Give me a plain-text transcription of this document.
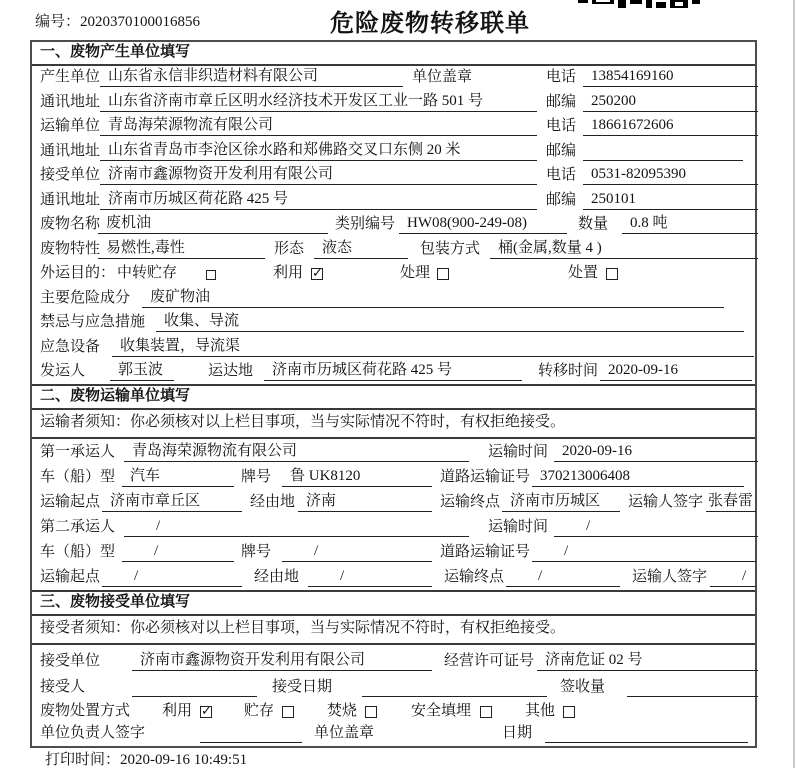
编号：2020370100016856	危险废物转移联单
一、废物产生单位填写
产生单位 山东省永信非织造材料有限公司	单位盖章	电话 13854169160
通讯地址 山东省济南市章丘区明水经济技术开发区工业一路 501 号	邮编 250200
运输单位 青岛海荣源物流有限公司	电话 18661672606
通讯地址 山东省青岛市李沧区徐水路和郑佛路交叉口东侧 20 米	邮编
接受单位 济南市鑫源物资开发利用有限公司	电话 0531-82095390
通讯地址 济南市历城区荷花路 425 号	邮编 250101
废物名称 废机油	类别编号 HW08(900-249-08)	数量	0.8 吨
废物特性 易燃性,毒性	形态	液态	包装方式	桶(金属,数量 4 )
外运目的： 中转贮存	利用 ✓	处理	处置
主要危险成分	废矿物油
禁忌与应急措施	收集、导流
应急设备	收集装置，导流渠
发运人	郭玉波	运达地	济南市历城区荷花路 425 号	转移时间 2020-09-16
二、废物运输单位填写
运输者须知：你必须核对以上栏目事项，当与实际情况不符时，有权拒绝接受。
第一承运人	青岛海荣源物流有限公司	运输时间 2020-09-16
车（船）型 汽车	牌号	鲁 UK8120	道路运输证号 370213006408
运输起点 济南市章丘区	经由地 济南	运输终点 济南市历城区	运输人签字 张春雷
第二承运人	/	运输时间	/
车（船）型	/	牌号	/	道路运输证号	/
运输起点	/	经由地	/	运输终点	/	运输人签字	/
三、废物接受单位填写
接受者须知：你必须核对以上栏目事项，当与实际情况不符时，有权拒绝接受。
接受单位	济南市鑫源物资开发利用有限公司	经营许可证号 济南危证 02 号
接受人	接受日期	签收量
废物处置方式 利用 ✓	贮存	焚烧	安全填埋	其他
单位负责人签字	单位盖章	日期
打印时间：2020-09-16 10:49:51
